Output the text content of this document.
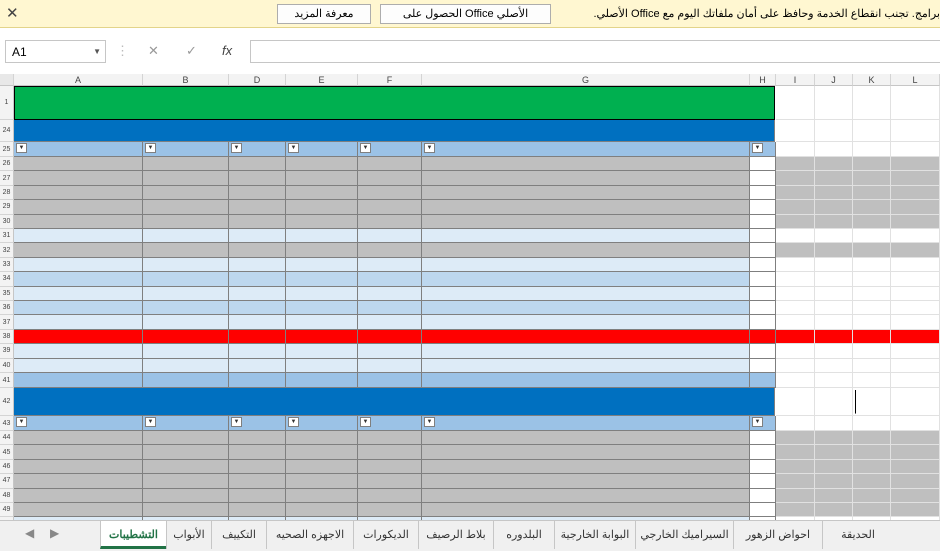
✕	معرفة المزيد	الحصول على Office الأصلي	برامج. تجنب انقطاع الخدمة وحافظ على أمان ملفاتك اليوم مع Office الأصلي.
A1	▼ ⋮ ✕ ✓ fx
A	B	D	E	F	G	H	I	J	K	L
1
24
25	▼	▼	▼	▼	▼	▼	▼
26
27
28
29
30
31
32
33
34
35
36
37
38
39
40
41
42
43	▼	▼	▼	▼	▼	▼	▼
44
45
46
47
48
49
◀ ▶	التشطيبات	الأبواب	التكييف	الاجهزه الصحيه	الديكورات	بلاط الرصيف	البلدوره	البوابة الخارجية	السيراميك الخارجي	احواض الزهور	الحديقة
